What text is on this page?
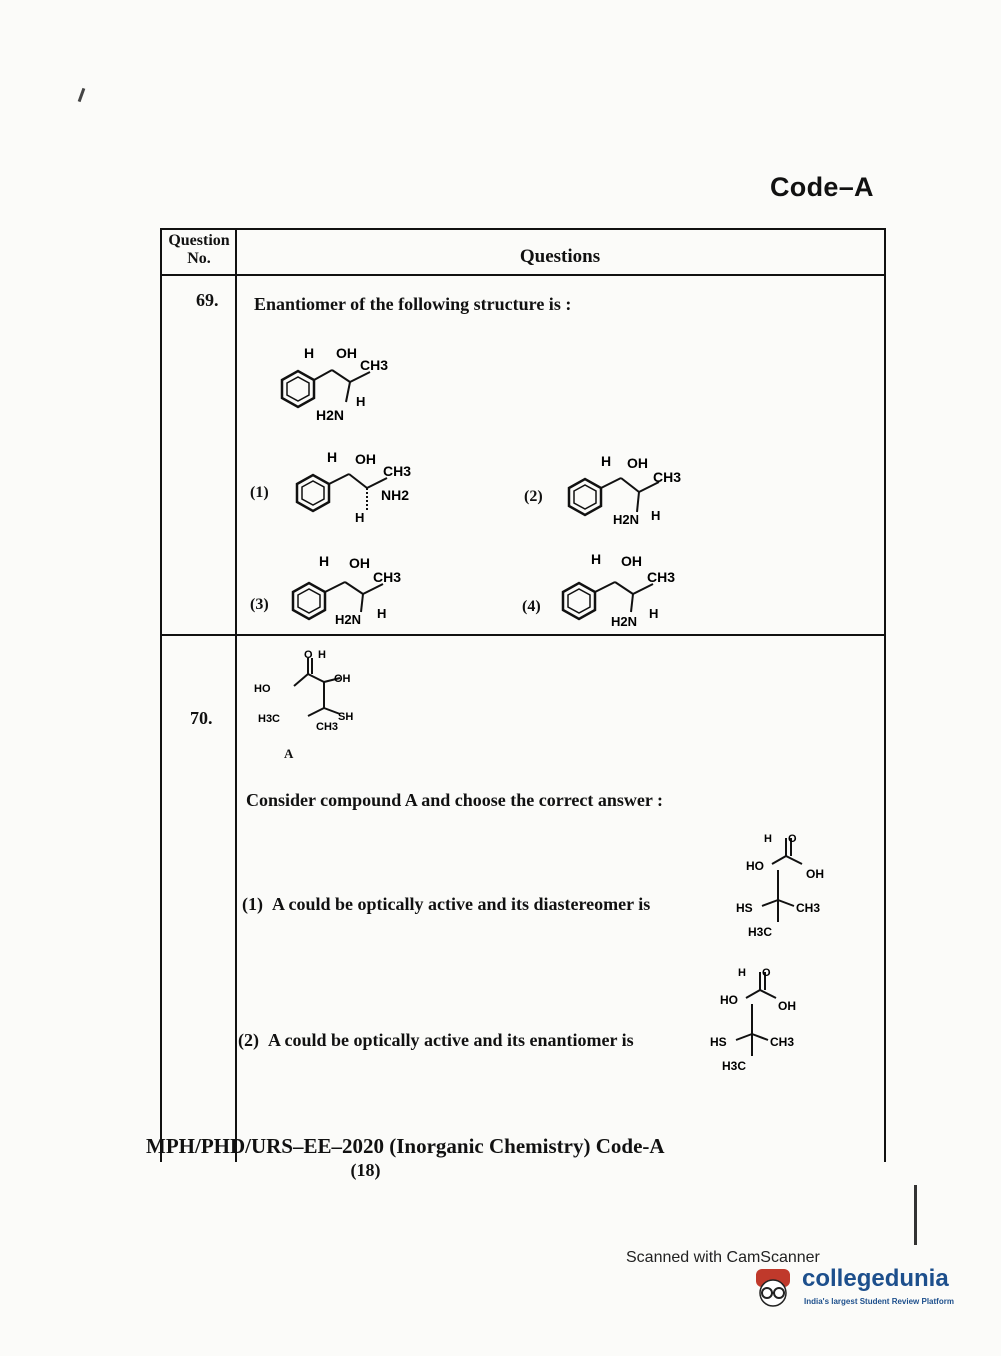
Code–A
Question No.	Questions
69. Enantiomer of the following structure is :
H OH
CH3
H
H2N
(1)
H OH
CH3
NH2
H
(2)
H OH
CH3
H2N H
(3)
H OH
CH3
H2N H	(4)
H OH
CH3
H2N
H
O H
OH
HO
H3C	SH
CH3
70.
A
Consider compound A and choose the correct answer :
H O
HO
OH
HS	CH3
H3C
(1) A could be optically active and its diastereomer is
H O
HO	OH
HS	CH3
H3C
(2) A could be optically active and its enantiomer is
MPH/PHD/URS–EE–2020 (Inorganic Chemistry) Code-A
(18)
Scanned with CamScanner
collegedunia
India's largest Student Review Platform
